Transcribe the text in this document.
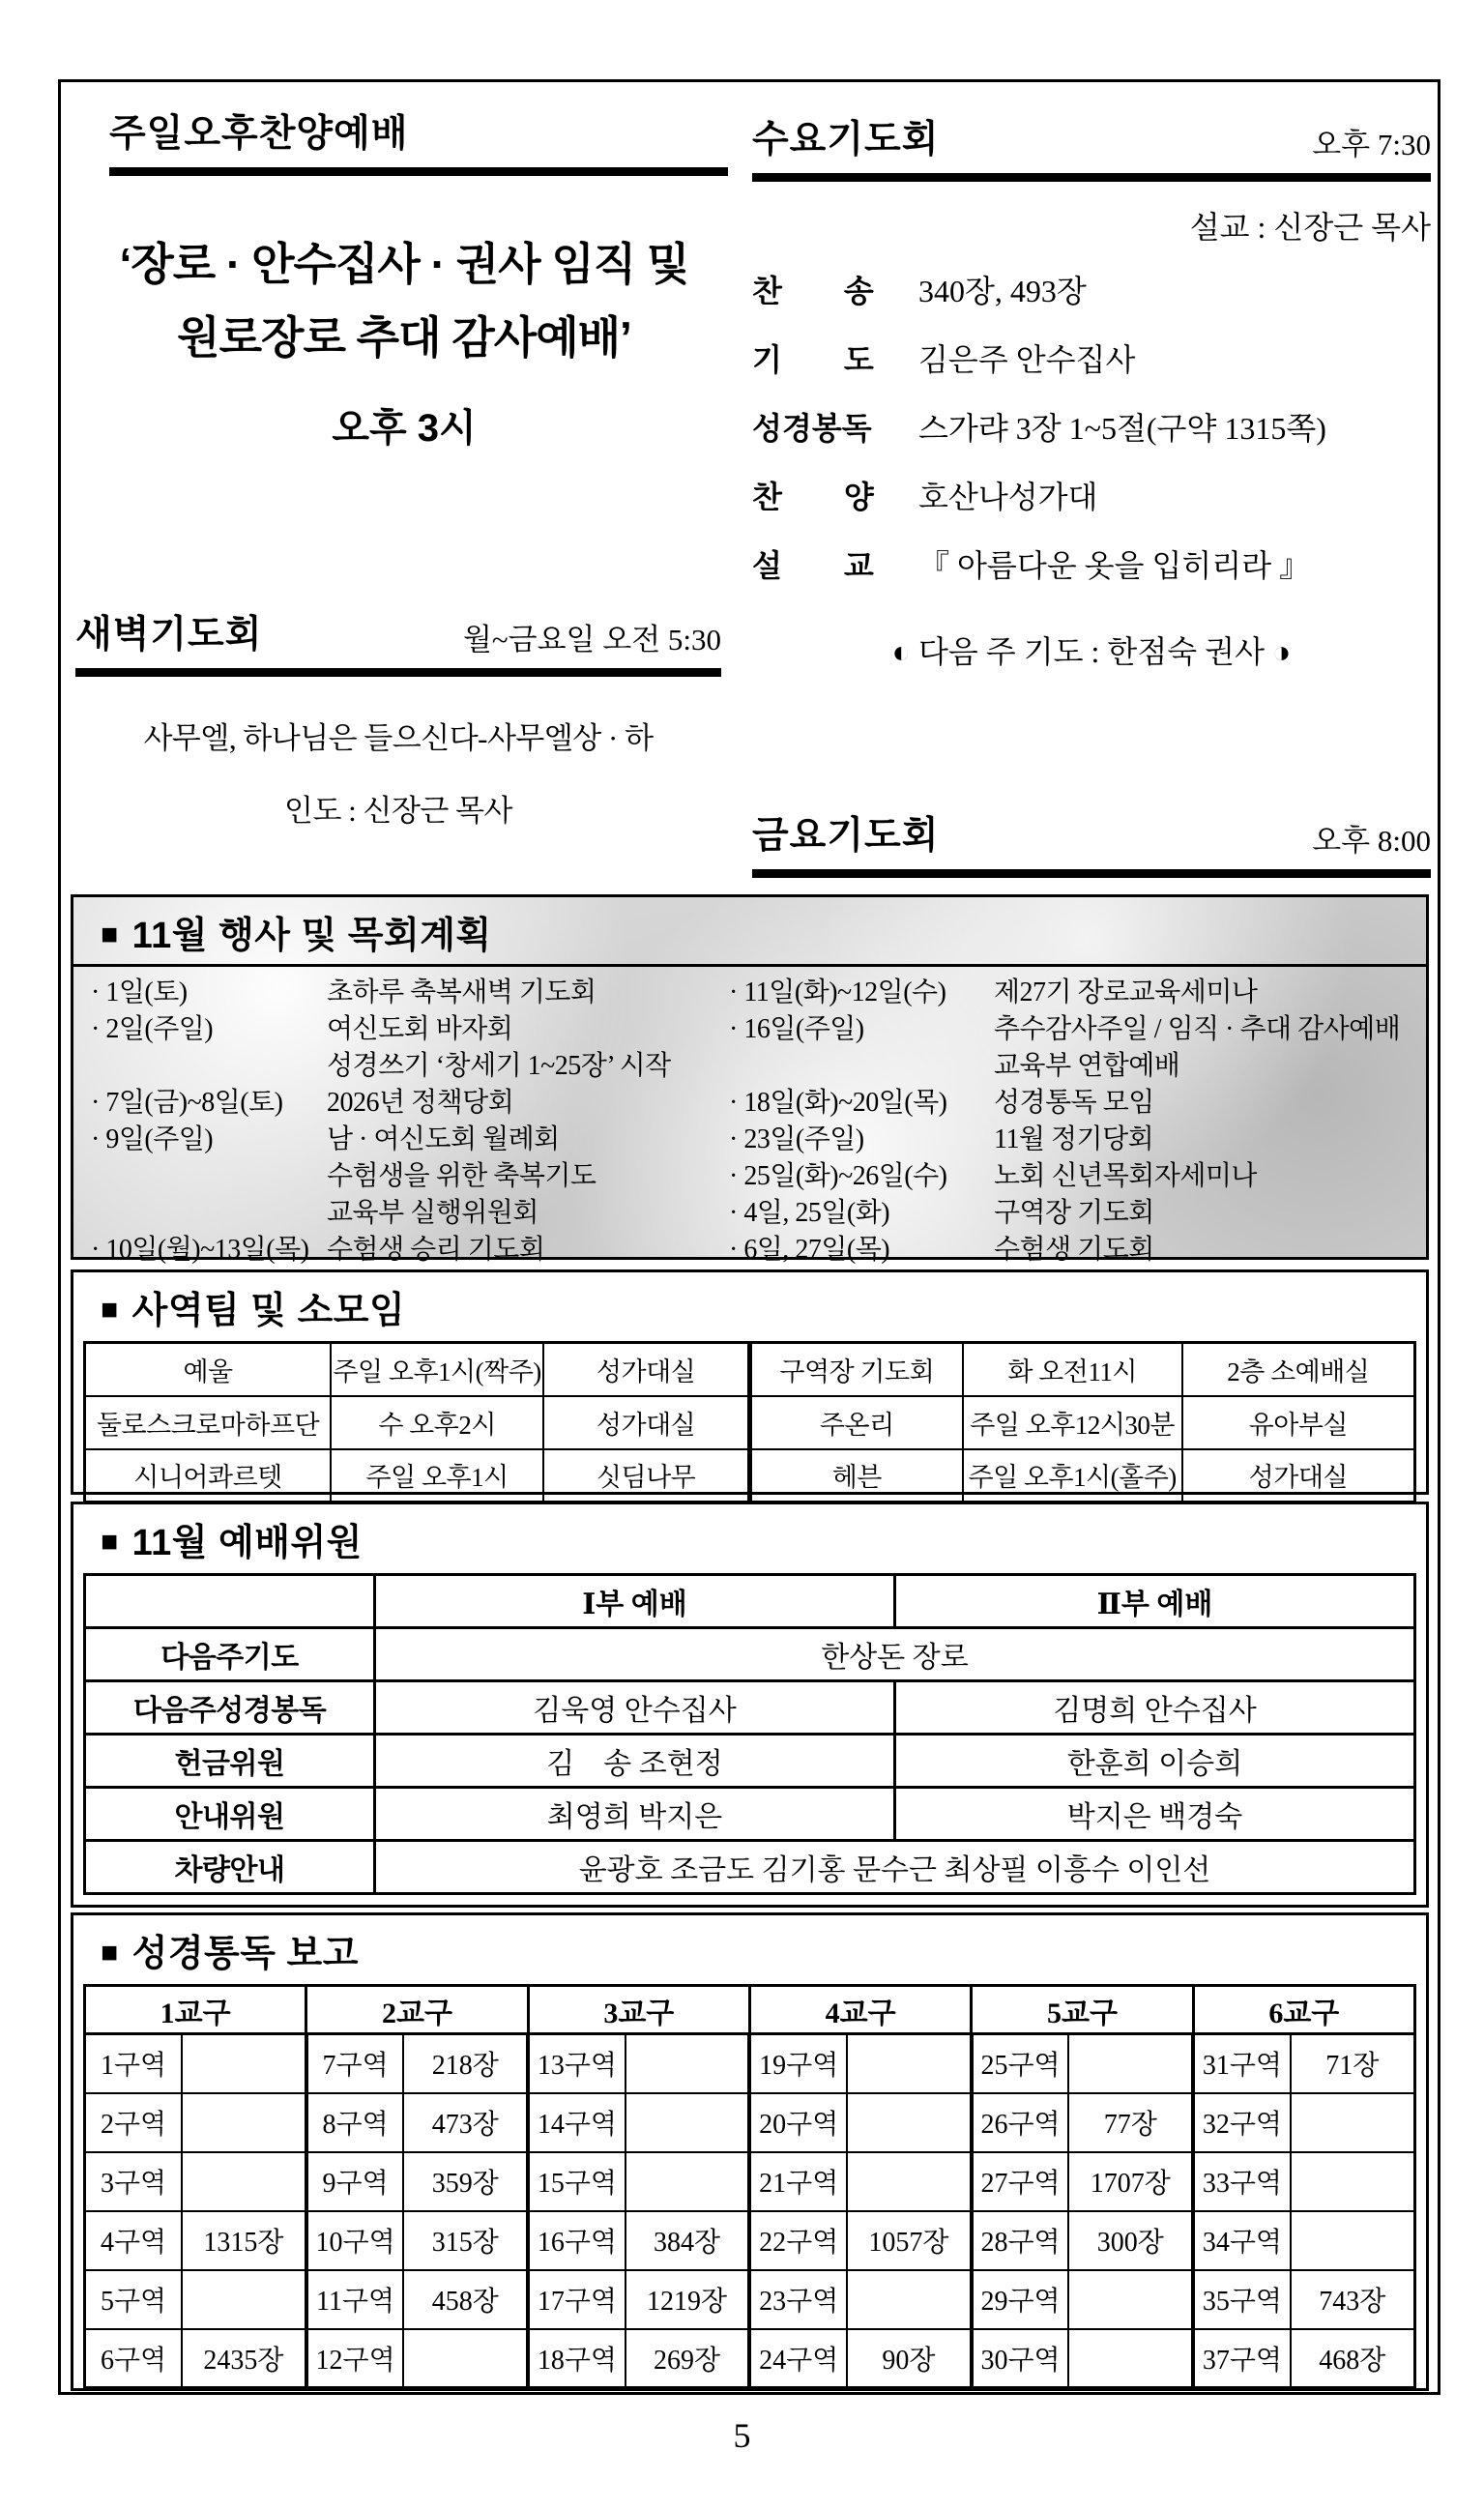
주일오후찬양예배
‘장로 · 안수집사 · 권사 임직 및
원로장로 추대 감사예배’
오후 3시
새벽기도회	월~금요일 오전 5:30
사무엘, 하나님은 들으신다-사무엘상 · 하
인도 : 신장근 목사
수요기도회	오후 7:30
설교 : 신장근 목사
찬　　송	340장, 493장
기　　도	김은주 안수집사
성경봉독	스가랴 3장 1~5절(구약 1315쪽)
찬　　양	호산나성가대
설　　교	『 아름다운 옷을 입히리라 』
◐ 다음 주 기도 : 한점숙 권사 ◑
금요기도회	오후 8:00
■ 11월 행사 및 목회계획
· 1일(토)	초하루 축복새벽 기도회
· 2일(주일)	여신도회 바자회
	성경쓰기 ‘창세기 1~25장’ 시작
· 7일(금)~8일(토)	2026년 정책당회
· 9일(주일)	남 · 여신도회 월례회
	수험생을 위한 축복기도
	교육부 실행위원회
· 10일(월)~13일(목)	수험생 승리 기도회
· 11일(화)~12일(수)	제27기 장로교육세미나
· 16일(주일)	추수감사주일 / 임직 · 추대 감사예배
	교육부 연합예배
· 18일(화)~20일(목)	성경통독 모임
· 23일(주일)	11월 정기당회
· 25일(화)~26일(수)	노회 신년목회자세미나
· 4일, 25일(화)	구역장 기도회
· 6일, 27일(목)	수험생 기도회
■ 사역팀 및 소모임
예울	주일 오후1시(짝주)	성가대실	구역장 기도회	화 오전11시	2층 소예배실
둘로스크로마하프단	수 오후2시	성가대실	주온리	주일 오후12시30분	유아부실
시니어콰르텟	주일 오후1시	싯딤나무	헤븐	주일 오후1시(홀주)	성가대실
■ 11월 예배위원
	Ⅰ부 예배	Ⅱ부 예배
다음주기도	한상돈 장로	
다음주성경봉독	김욱영 안수집사	김명희 안수집사
헌금위원	김　송 조현정	한훈희 이승희
안내위원	최영희 박지은	박지은 백경숙
차량안내	윤광호 조금도 김기홍 문수근 최상필 이흥수 이인선	
■ 성경통독 보고
1교구		2교구		3교구		4교구		5교구		6교구	
1구역		7구역	218장	13구역		19구역		25구역		31구역	71장
2구역		8구역	473장	14구역		20구역		26구역	77장	32구역	
3구역		9구역	359장	15구역		21구역		27구역	1707장	33구역	
4구역	1315장	10구역	315장	16구역	384장	22구역	1057장	28구역	300장	34구역	
5구역		11구역	458장	17구역	1219장	23구역		29구역		35구역	743장
6구역	2435장	12구역		18구역	269장	24구역	90장	30구역		37구역	468장
5
